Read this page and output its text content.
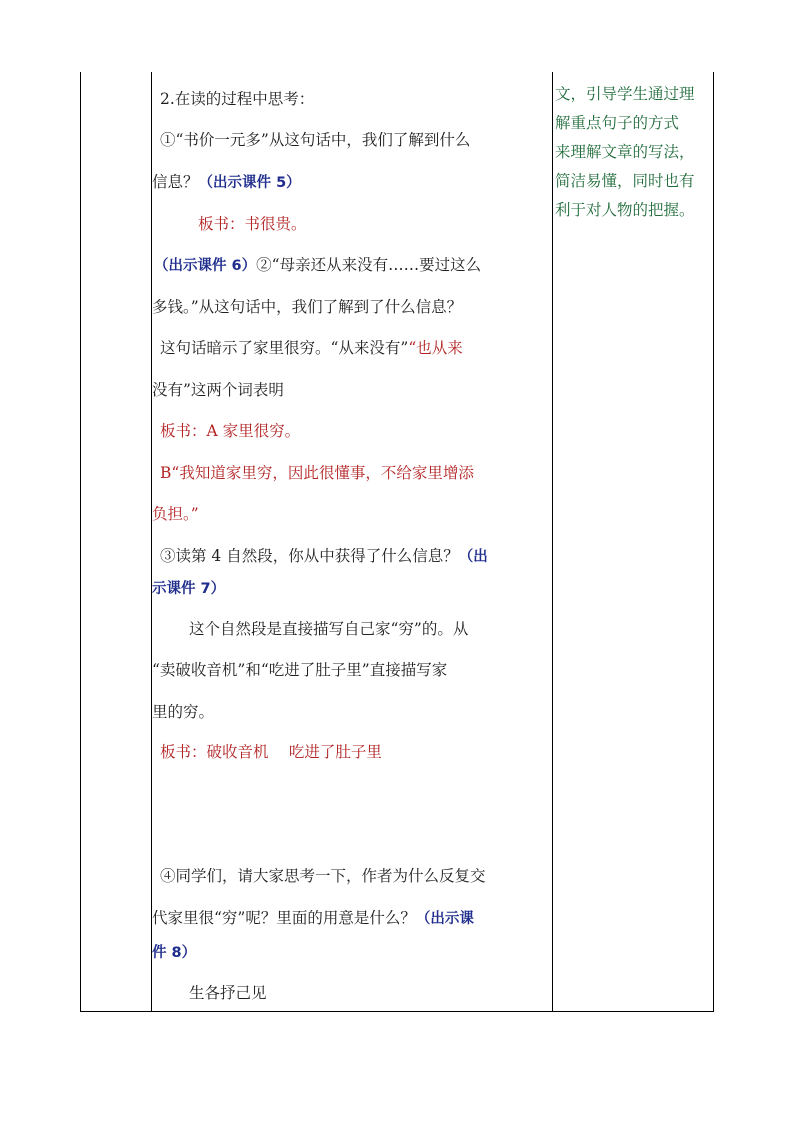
2.在读的过程中思考：
①“书价一元多”从这句话中，我们了解到什么
信息？（出示课件 5）
板书：书很贵。
（出示课件 6）②“母亲还从来没有……要过这么
多钱。”从这句话中，我们了解到了什么信息？
这句话暗示了家里很穷。“从来没有”“也从来
没有”这两个词表明
板书：A 家里很穷。
B“我知道家里穷，因此很懂事，不给家里增添
负担。”
③读第 4 自然段，你从中获得了什么信息？（出
示课件 7）
这个自然段是直接描写自己家“穷”的。从
“卖破收音机”和“吃进了肚子里”直接描写家
里的穷。
板书：破收音机　 吃进了肚子里
④同学们，请大家思考一下，作者为什么反复交
代家里很“穷”呢？里面的用意是什么？（出示课
件 8）
生各抒己见
文，引导学生通过理
解重点句子的方式
来理解文章的写法，
简洁易懂，同时也有
利于对人物的把握。
